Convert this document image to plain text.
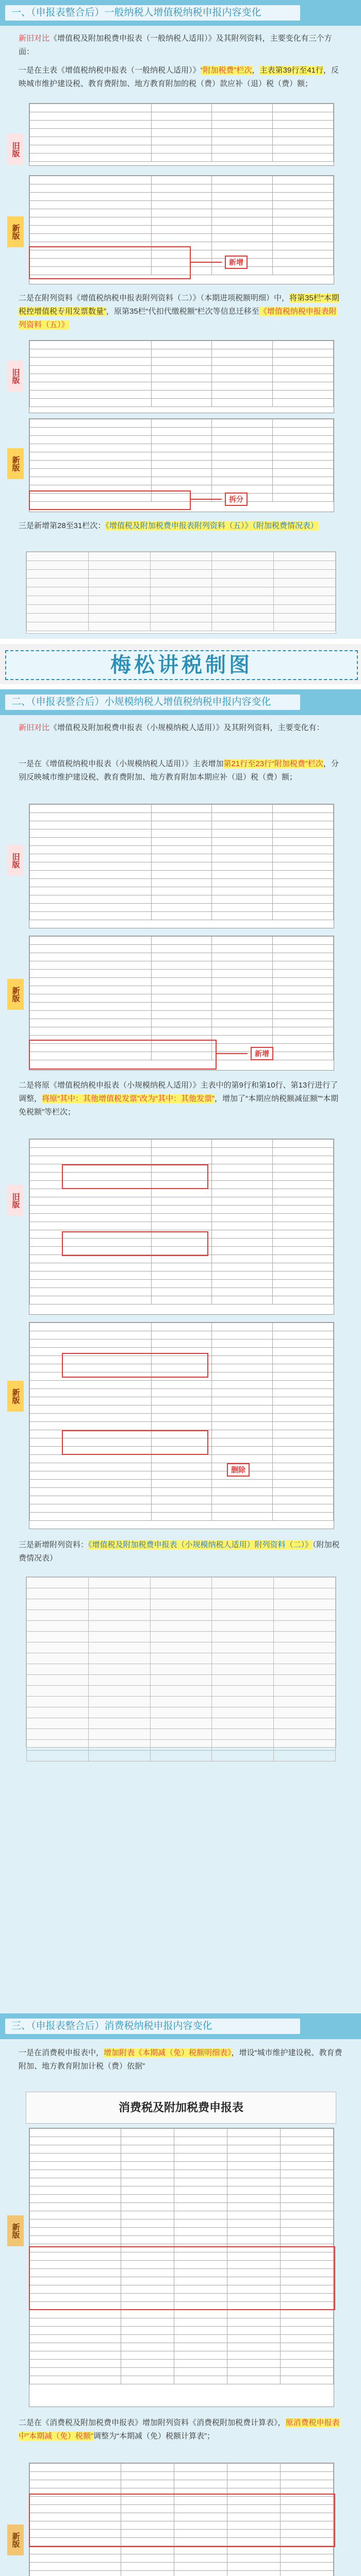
一、（申报表整合后）一般纳税人增值税纳税申报内容变化
新旧对比《增值税及附加税费申报表（一般纳税人适用）》及其附列资料，主要变化有三个方面：
一是在主表《增值税纳税申报表（一般纳税人适用）》“附加税费”栏次，主表第39行至41行，反映城市维护建设税、教育费附加、地方教育附加的税（费）款应补（退）税（费）额；
旧版

新版

新增
二是在附列资料《增值税纳税申报表附列资料（二）》（本期进项税额明细）中，将第35栏“本期税控增值税专用发票数量”，原第35栏“代扣代缴税额”栏次等信息迁移至《增值税纳税申报表附列资料（五）》
旧版

新版

拆分
三是新增第28至31栏次：《增值税及附加税费申报表附列资料（五）》（附加税费情况表）

梅松讲税制图
二、（申报表整合后）小规模纳税人增值税纳税申报内容变化
新旧对比《增值税及附加税费申报表（小规模纳税人适用）》及其附列资料，主要变化有：
一是在《增值税纳税申报表（小规模纳税人适用）》主表增加第21行至23行“附加税费”栏次，分别反映城市维护建设税、教育费附加、地方教育附加本期应补（退）税（费）额；
旧版

新版

新增
二是将原《增值税纳税申报表（小规模纳税人适用）》主表中的第9行和第10行、第13行进行了调整，将原“其中：其他增值税发票”改为“其中：其他发票”，增加了“本期应纳税额减征额”“本期免税额”等栏次；
旧版

新版

删除
三是新增附列资料：《增值税及附加税费申报表（小规模纳税人适用）附列资料（二）》（附加税费情况表）

三、（申报表整合后）消费税纳税申报内容变化
一是在消费税申报表中，增加附表《本期减（免）税额明细表》，增设“城市维护建设税、教育费附加、地方教育附加计税（费）依据”
消费税及附加税费申报表
新版

二是在《消费税及附加税费申报表》增加附列资料《消费税附加税费计算表》，原消费税申报表中“本期减（免）税额”调整为“本期减（免）税额计算表”；
新版
